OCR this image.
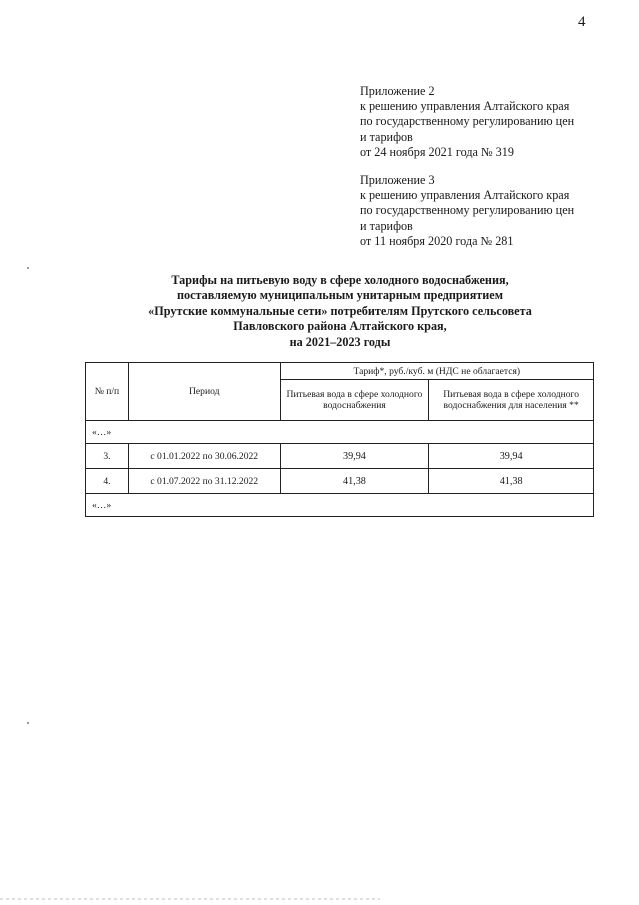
4
Приложение 2
к решению управления Алтайского края
по государственному регулированию цен
и тарифов
от 24 ноября 2021 года № 319
Приложение 3
к решению управления Алтайского края
по государственному регулированию цен
и тарифов
от 11 ноября 2020 года № 281
Тарифы на питьевую воду в сфере холодного водоснабжения,
поставляемую муниципальным унитарным предприятием
«Прутские коммунальные сети» потребителям Прутского сельсовета
Павловского района Алтайского края,
на 2021–2023 годы
№ п/п	Период	Тариф*, руб./куб. м (НДС не облагается)	
		Питьевая вода в сфере холодного водоснабжения	Питьевая вода в сфере холодного водоснабжения для населения **
«…»			
3.	с 01.01.2022 по 30.06.2022	39,94	39,94
4.	с 01.07.2022 по 31.12.2022	41,38	41,38
«…»			
